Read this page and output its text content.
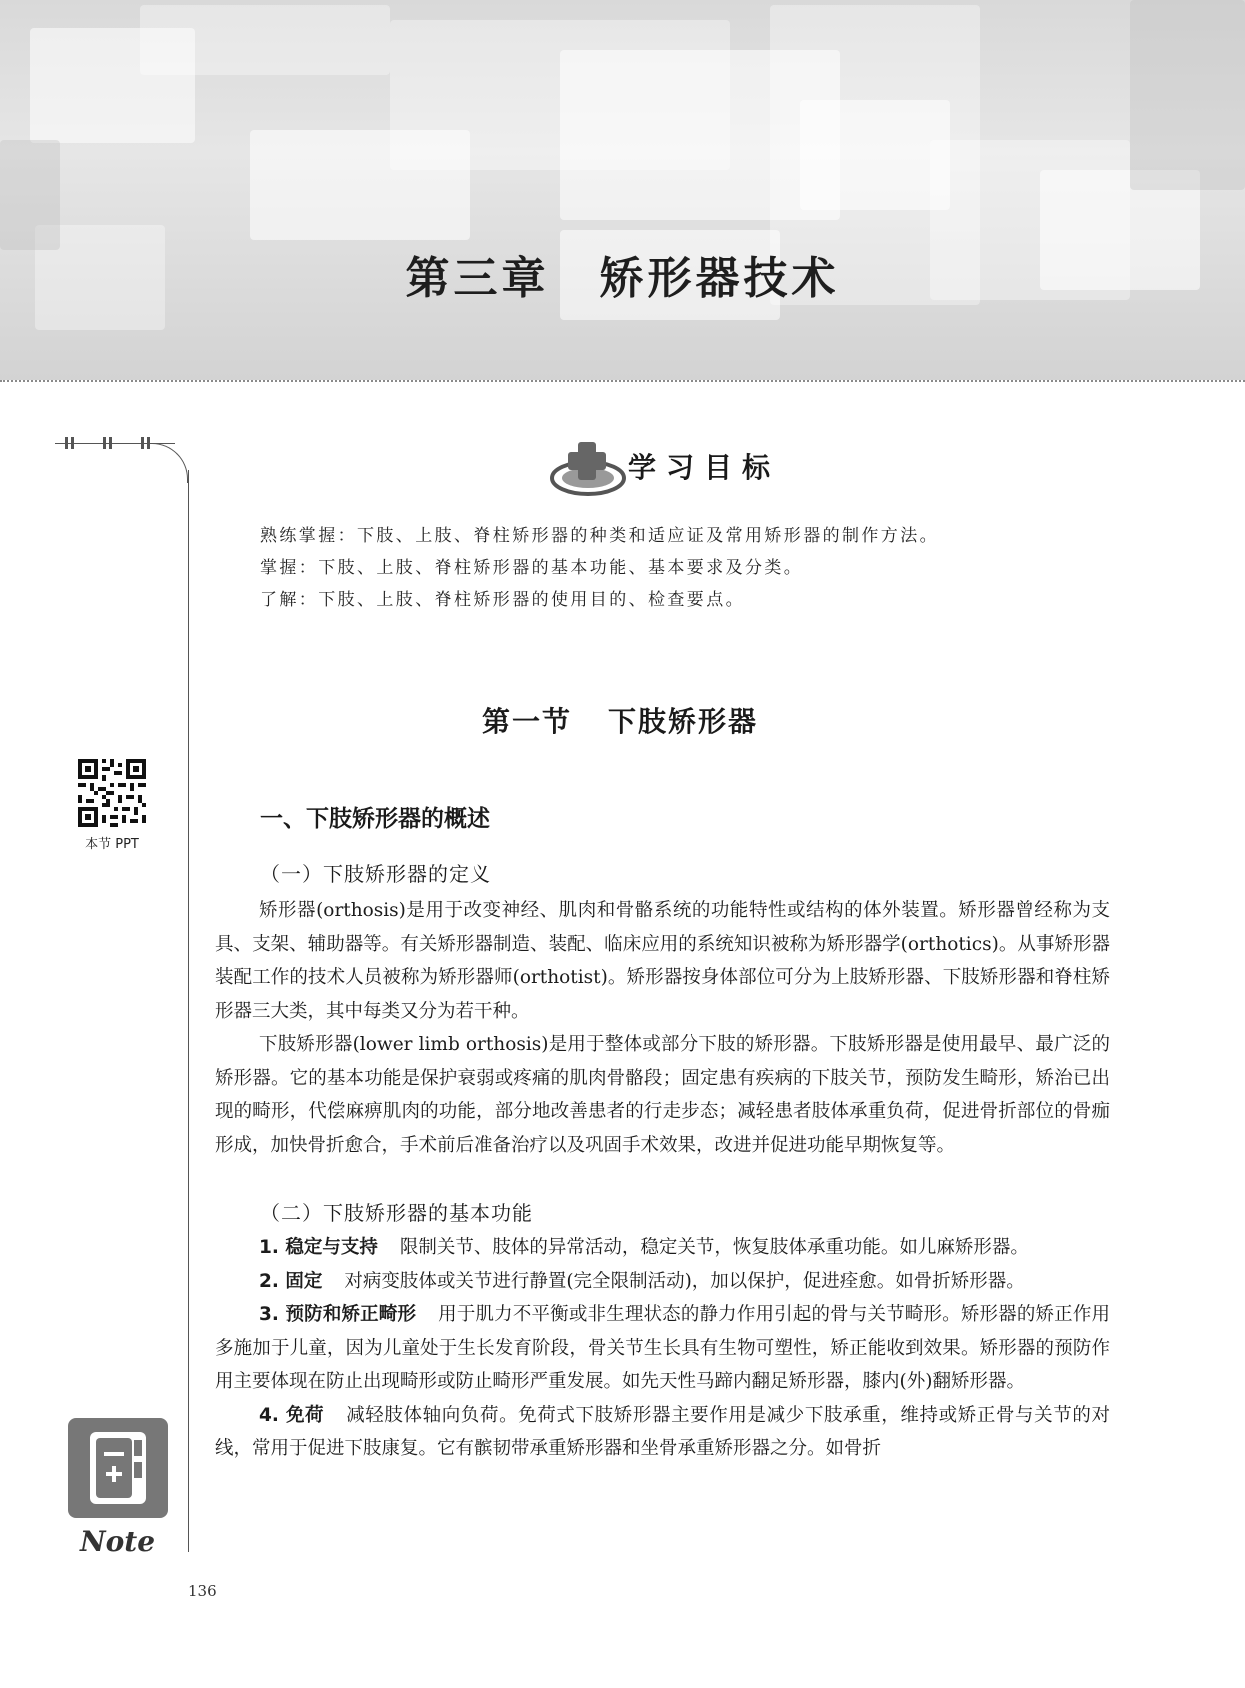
第三章 矫形器技术
本节 PPT
Note
136
学习目标
熟练掌握：下肢、上肢、脊柱矫形器的种类和适应证及常用矫形器的制作方法。
掌握：下肢、上肢、脊柱矫形器的基本功能、基本要求及分类。
了解：下肢、上肢、脊柱矫形器的使用目的、检查要点。
第一节 下肢矫形器
一、下肢矫形器的概述
（一）下肢矫形器的定义

矫形器(orthosis)是用于改变神经、肌肉和骨骼系统的功能特性或结构的体外装置。矫形器曾经称为支具、支架、辅助器等。有关矫形器制造、装配、临床应用的系统知识被称为矫形器学(orthotics)。从事矫形器装配工作的技术人员被称为矫形器师(orthotist)。矫形器按身体部位可分为上肢矫形器、下肢矫形器和脊柱矫形器三大类，其中每类又分为若干种。

下肢矫形器(lower limb orthosis)是用于整体或部分下肢的矫形器。下肢矫形器是使用最早、最广泛的矫形器。它的基本功能是保护衰弱或疼痛的肌肉骨骼段；固定患有疾病的下肢关节，预防发生畸形，矫治已出现的畸形，代偿麻痹肌肉的功能，部分地改善患者的行走步态；减轻患者肢体承重负荷，促进骨折部位的骨痂形成，加快骨折愈合，手术前后准备治疗以及巩固手术效果，改进并促进功能早期恢复等。

（二）下肢矫形器的基本功能

1. 稳定与支持 限制关节、肢体的异常活动，稳定关节，恢复肢体承重功能。如儿麻矫形器。

2. 固定 对病变肢体或关节进行静置(完全限制活动)，加以保护，促进痊愈。如骨折矫形器。

3. 预防和矫正畸形 用于肌力不平衡或非生理状态的静力作用引起的骨与关节畸形。矫形器的矫正作用多施加于儿童，因为儿童处于生长发育阶段，骨关节生长具有生物可塑性，矫正能收到效果。矫形器的预防作用主要体现在防止出现畸形或防止畸形严重发展。如先天性马蹄内翻足矫形器，膝内(外)翻矫形器。

4. 免荷 减轻肢体轴向负荷。免荷式下肢矫形器主要作用是减少下肢承重，维持或矫正骨与关节的对线，常用于促进下肢康复。它有髌韧带承重矫形器和坐骨承重矫形器之分。如骨折
